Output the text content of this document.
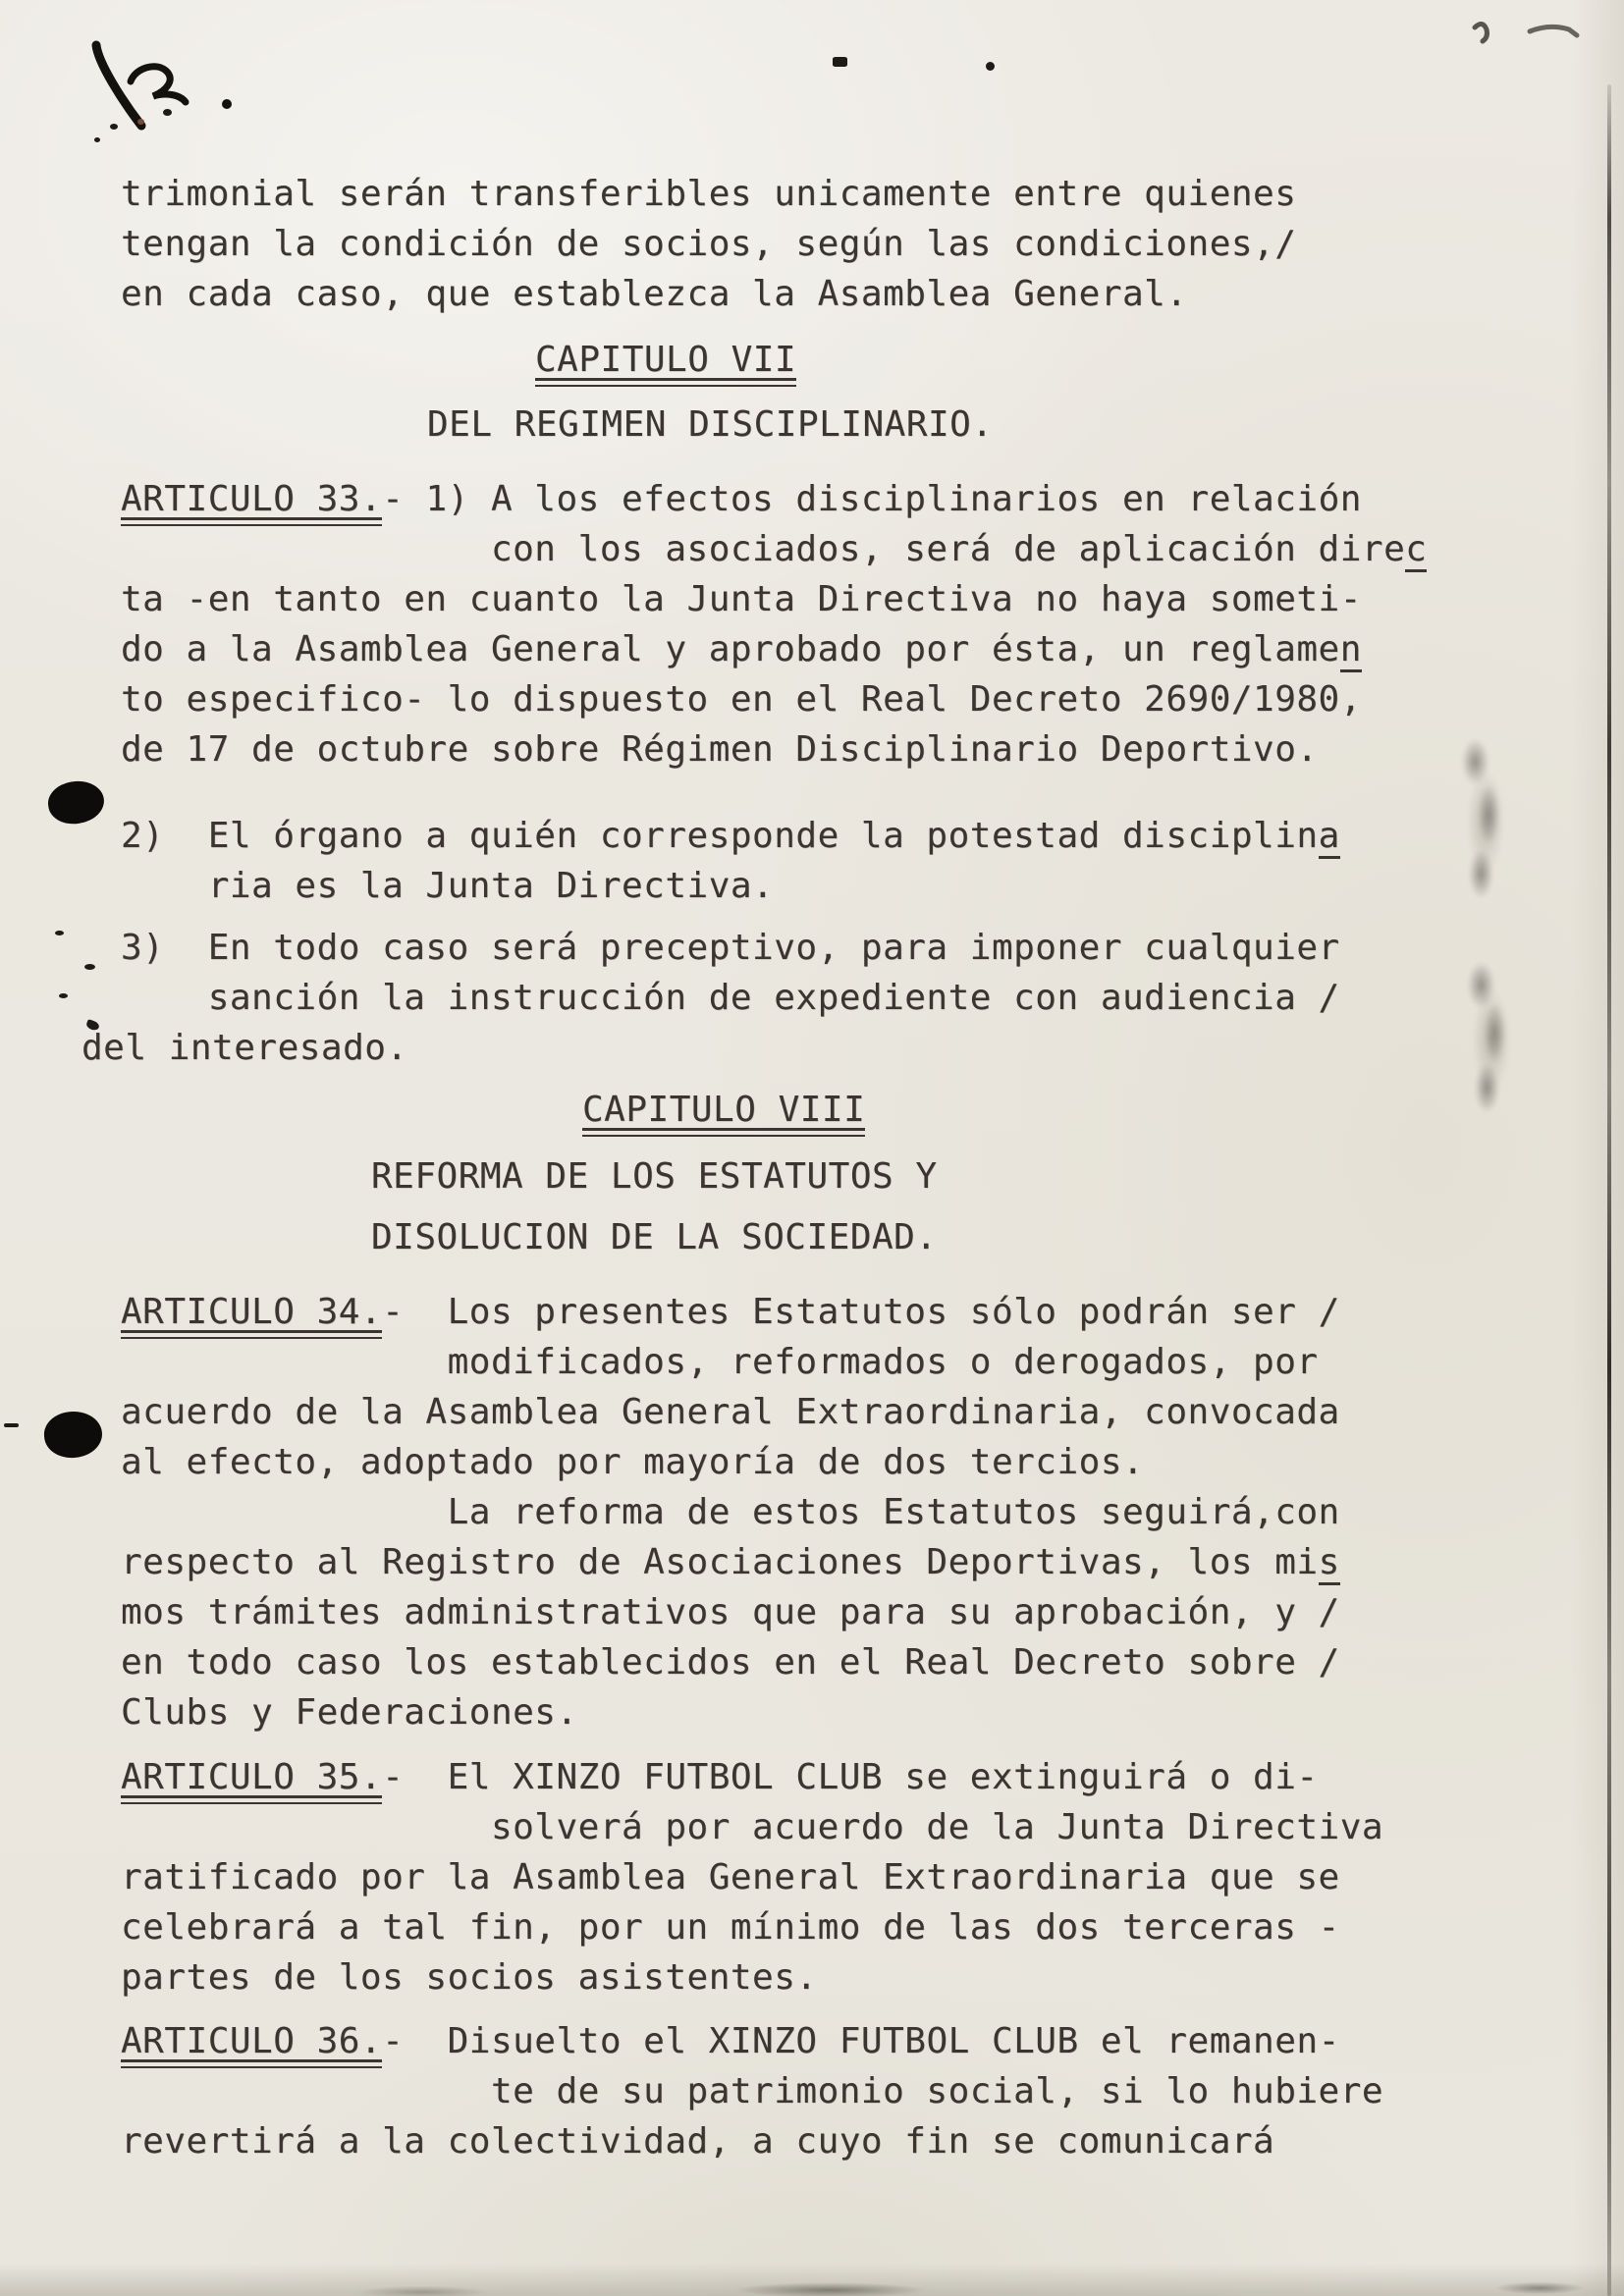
trimonial serán transferibles unicamente entre quienes
tengan la condición de socios, según las condiciones,/
en cada caso, que establezca la Asamblea General.
CAPITULO VII
DEL REGIMEN DISCIPLINARIO.
ARTICULO 33.- 1) A los efectos disciplinarios en relación
con los asociados, será de aplicación direc
ta -en tanto en cuanto la Junta Directiva no haya someti-
do a la Asamblea General y aprobado por ésta, un reglamen
to especifico- lo dispuesto en el Real Decreto 2690/1980,
de 17 de octubre sobre Régimen Disciplinario Deportivo.
2)  El órgano a quién corresponde la potestad disciplina
ria es la Junta Directiva.
3)  En todo caso será preceptivo, para imponer cualquier
sanción la instrucción de expediente con audiencia /
del interesado.
CAPITULO VIII
REFORMA DE LOS ESTATUTOS Y
DISOLUCION DE LA SOCIEDAD.
ARTICULO 34.-  Los presentes Estatutos sólo podrán ser /
modificados, reformados o derogados, por
acuerdo de la Asamblea General Extraordinaria, convocada
al efecto, adoptado por mayoría de dos tercios.
La reforma de estos Estatutos seguirá,con
respecto al Registro de Asociaciones Deportivas, los mis
mos trámites administrativos que para su aprobación, y /
en todo caso los establecidos en el Real Decreto sobre /
Clubs y Federaciones.
ARTICULO 35.-  El XINZO FUTBOL CLUB se extinguirá o di-
solverá por acuerdo de la Junta Directiva
ratificado por la Asamblea General Extraordinaria que se
celebrará a tal fin, por un mínimo de las dos terceras -
partes de los socios asistentes.
ARTICULO 36.-  Disuelto el XINZO FUTBOL CLUB el remanen-
te de su patrimonio social, si lo hubiere
revertirá a la colectividad, a cuyo fin se comunicará
